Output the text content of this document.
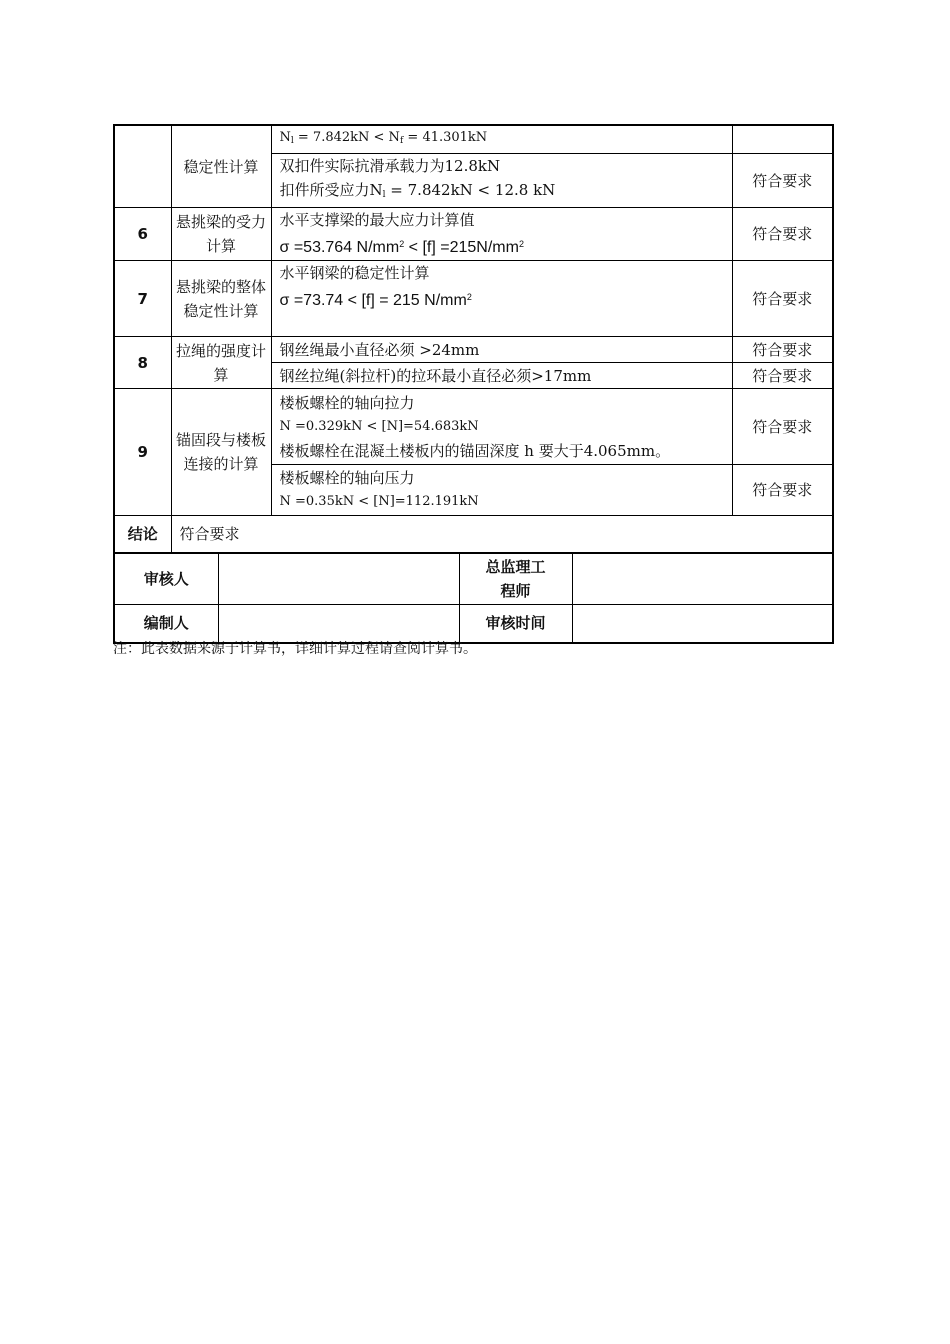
	稳定性计算	$N_l = 7.842kN < N_f = 41.301kN$	

		双扣件实际抗滑承载力为12.8kN
扣件所受应力$N_l = 7.842kN < 12.8$ kN	符合要求
6	悬挑梁的受力计算	水平支撑梁的最大应力计算值
σ =53.764 $N/mm^2 < [f] =215N/mm^2$	符合要求
7	悬挑梁的整体稳定性计算	水平钢梁的稳定性计算
σ =73.74 < [f] = 215 $N/mm^2$	符合要求
8	拉绳的强度计算	钢丝绳最小直径必须 >24mm	符合要求
		钢丝拉绳(斜拉杆)的拉环最小直径必须>17mm	符合要求
9	锚固段与楼板连接的计算	楼板螺栓的轴向拉力
N =0.329kN < [N]=54.683kN
楼板螺栓在混凝土楼板内的锚固深度 h 要大于4.065mm。	符合要求

		楼板螺栓的轴向压力
N =0.35kN < [N]=112.191kN	符合要求
结论	符合要求		
审核人		总监理工程师	
编制人		审核时间	
注：此表数据来源于计算书，详细计算过程请查阅计算书。
